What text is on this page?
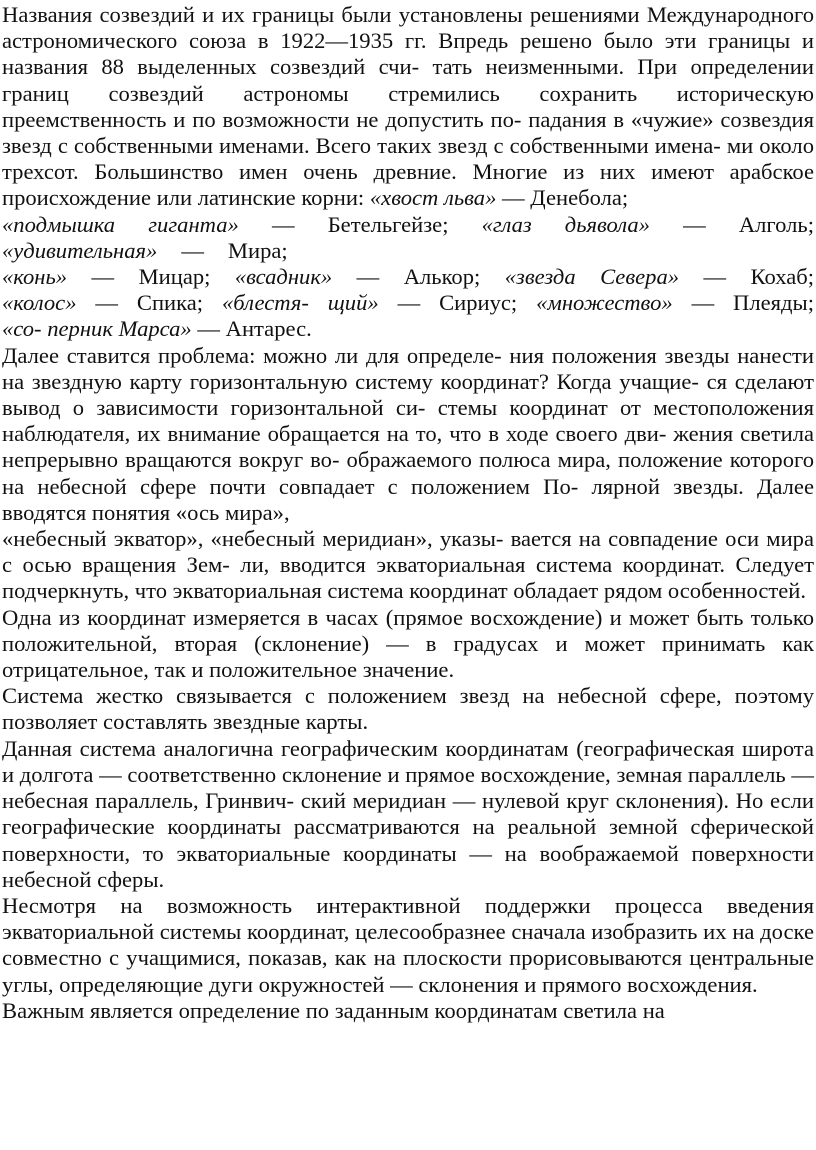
Названия созвездий и их границы были установлены решениями Международного астрономического союза в 1922—1935 гг. Впредь решено было эти границы и названия 88 выделенных созвездий счи- тать неизменными. При определении границ созвездий астрономы стремились сохранить историческую преемственность и по возможности не допустить по- падания в «чужие» созвездия звезд с собственными именами. Всего таких звезд с собственными имена- ми около трехсот. Большинство имен очень древние. Многие из них имеют арабское происхождение или латинские корни: «хвост льва» — Денебола;

«подмышка гиганта» — Бетельгейзе; «глаз дьявола» — Алголь;

«удивительная» — Мира;

«конь» — Мицар; «всадник» — Алькор; «звезда Севера» — Кохаб;

«колос» — Спика; «блестя- щий» — Сириус; «множество» — Плеяды;

«со- перник Марса» — Антарес.

Далее ставится проблема: можно ли для определе- ния положения звезды нанести на звездную карту горизонтальную систему координат? Когда учащие- ся сделают вывод о зависимости горизонтальной си- стемы координат от местоположения наблюдателя, их внимание обращается на то, что в ходе своего дви- жения светила непрерывно вращаются вокруг во- ображаемого полюса мира, положение которого на небесной сфере почти совпадает с положением По- лярной звезды. Далее вводятся понятия «ось мира»,

«небесный экватор», «небесный меридиан», указы- вается на совпадение оси мира с осью вращения Зем- ли, вводится экваториальная система координат. Следует подчеркнуть, что экваториальная система координат обладает рядом особенностей.

Одна из координат измеряется в часах (прямое восхождение) и может быть только положительной, вторая (склонение) — в градусах и может принимать как отрицательное, так и положительное значение.

Система жестко связывается с положением звезд на небесной сфере, поэтому позволяет составлять звездные карты.

Данная система аналогична географическим координатам (географическая широта и долгота — соответственно склонение и прямое восхождение, земная параллель — небесная параллель, Гринвич- ский меридиан — нулевой круг склонения). Но если географические координаты рассматриваются на реальной земной сферической поверхности, то экваториальные координаты — на воображаемой поверхности небесной сферы.

Несмотря на возможность интерактивной поддержки процесса введения экваториальной системы координат, целесообразнее сначала изобразить их на доске совместно с учащимися, показав, как на плоскости прорисовываются центральные углы, определяющие дуги окружностей — склонения и прямого восхождения.

Важным является определение по заданным координатам светила на
